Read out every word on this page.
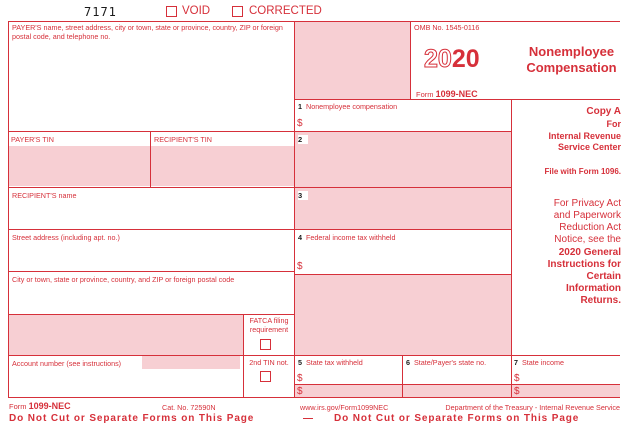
7171	VOID	CORRECTED
PAYER'S name, street address, city or town, state or province, country, ZIP or foreign postal code, and telephone no.
OMB No. 1545-0116
2020
Form 1099-NEC
Nonemployee
Compensation
Copy A
For
Internal Revenue
Service Center
File with Form 1096.
For Privacy Act
and Paperwork
Reduction Act
Notice, see the
2020 General
Instructions for
Certain
Information
Returns.
1 Nonemployee compensation
$
PAYER'S TIN	RECIPIENT'S TIN	2
RECIPIENT'S name	3
Street address (including apt. no.)	4 Federal income tax withheld
$
City or town, state or province, country, and ZIP or foreign postal code
FATCA filing
requirement
Account number (see instructions)	2nd TIN not.	5 State tax withheld
$
$
6 State/Payer's state no.	7 State income
$
$
Form 1099-NEC	Cat. No. 72590N	www.irs.gov/Form1099NEC	Department of the Treasury - Internal Revenue Service
Do Not Cut or Separate Forms on This Page	— Do Not Cut or Separate Forms on This Page
